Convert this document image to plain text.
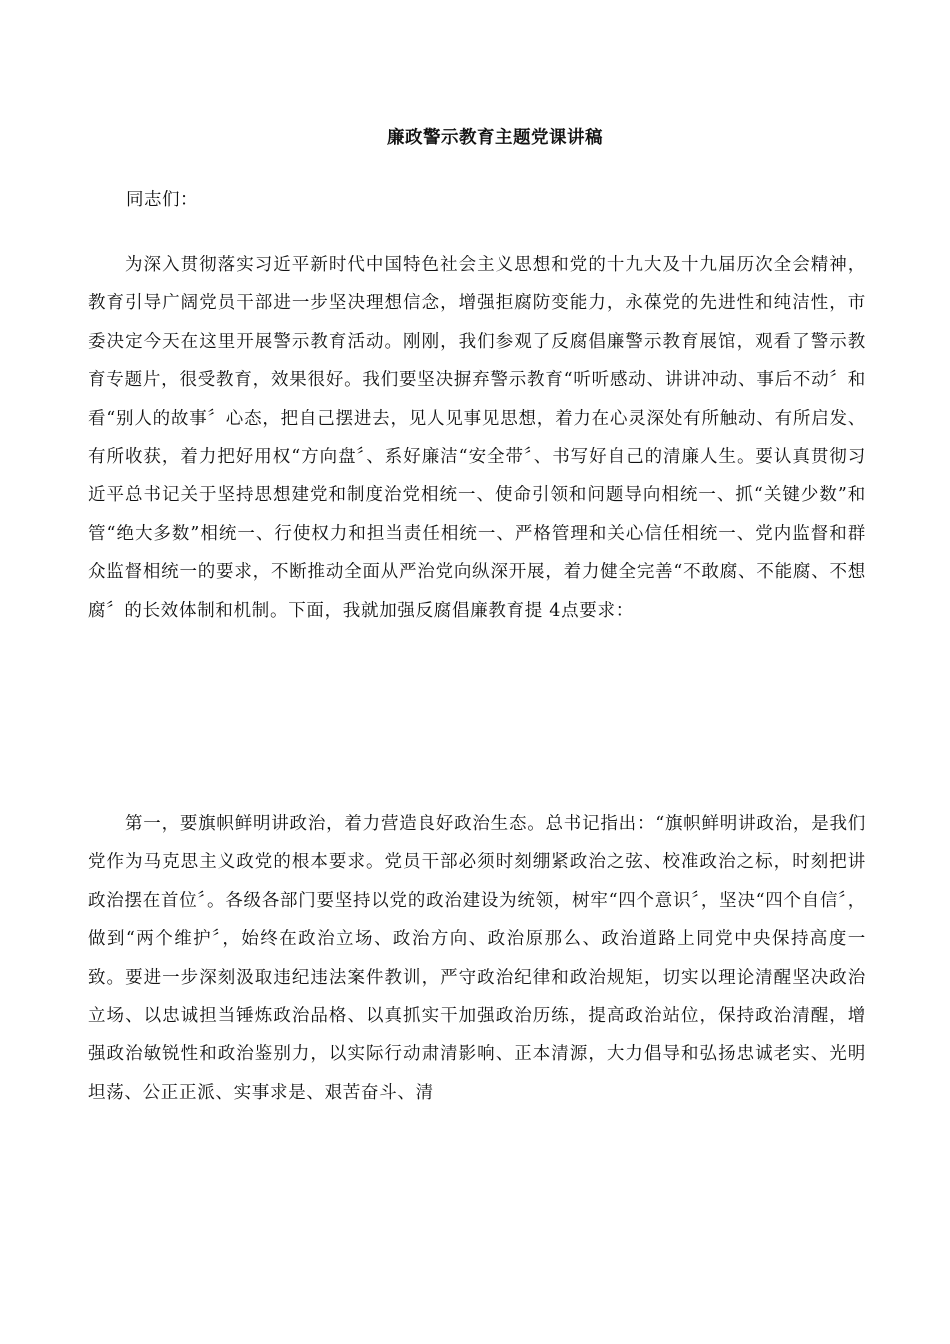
廉政警示教育主题党课讲稿
同志们：

为深入贯彻落实习近平新时代中国特色社会主义思想和党的十九大及十九届历次全会精神，教育引导广阔党员干部进一步坚决理想信念，增强拒腐防变能力，永葆党的先进性和纯洁性，市委决定今天在这里开展警示教育活动。刚刚，我们参观了反腐倡廉警示教育展馆，观看了警示教育专题片，很受教育，效果很好。我们要坚决摒弃警示教育“听听感动、讲讲冲动、事后不动〞和看“别人的故事〞心态，把自己摆进去，见人见事见思想，着力在心灵深处有所触动、有所启发、有所收获，着力把好用权“方向盘〞、系好廉洁“安全带〞、书写好自己的清廉人生。要认真贯彻习近平总书记关于坚持思想建党和制度治党相统一、使命引领和问题导向相统一、抓“关键少数”和管“绝大多数”相统一、行使权力和担当责任相统一、严格管理和关心信任相统一、党内监督和群众监督相统一的要求，不断推动全面从严治党向纵深开展，着力健全完善“不敢腐、不能腐、不想腐〞的长效体制和机制。下面，我就加强反腐倡廉教育提 4点要求：

第一，要旗帜鲜明讲政治，着力营造良好政治生态。总书记指出：“旗帜鲜明讲政治，是我们党作为马克思主义政党的根本要求。党员干部必须时刻绷紧政治之弦、校准政治之标，时刻把讲政治摆在首位〞。各级各部门要坚持以党的政治建设为统领，树牢“四个意识〞，坚决“四个自信〞，做到“两个维护〞，始终在政治立场、政治方向、政治原那么、政治道路上同党中央保持高度一致。要进一步深刻汲取违纪违法案件教训，严守政治纪律和政治规矩，切实以理论清醒坚决政治立场、以忠诚担当锤炼政治品格、以真抓实干加强政治历练，提高政治站位，保持政治清醒，增强政治敏锐性和政治鉴别力，以实际行动肃清影响、正本清源，大力倡导和弘扬忠诚老实、光明坦荡、公正正派、实事求是、艰苦奋斗、清
